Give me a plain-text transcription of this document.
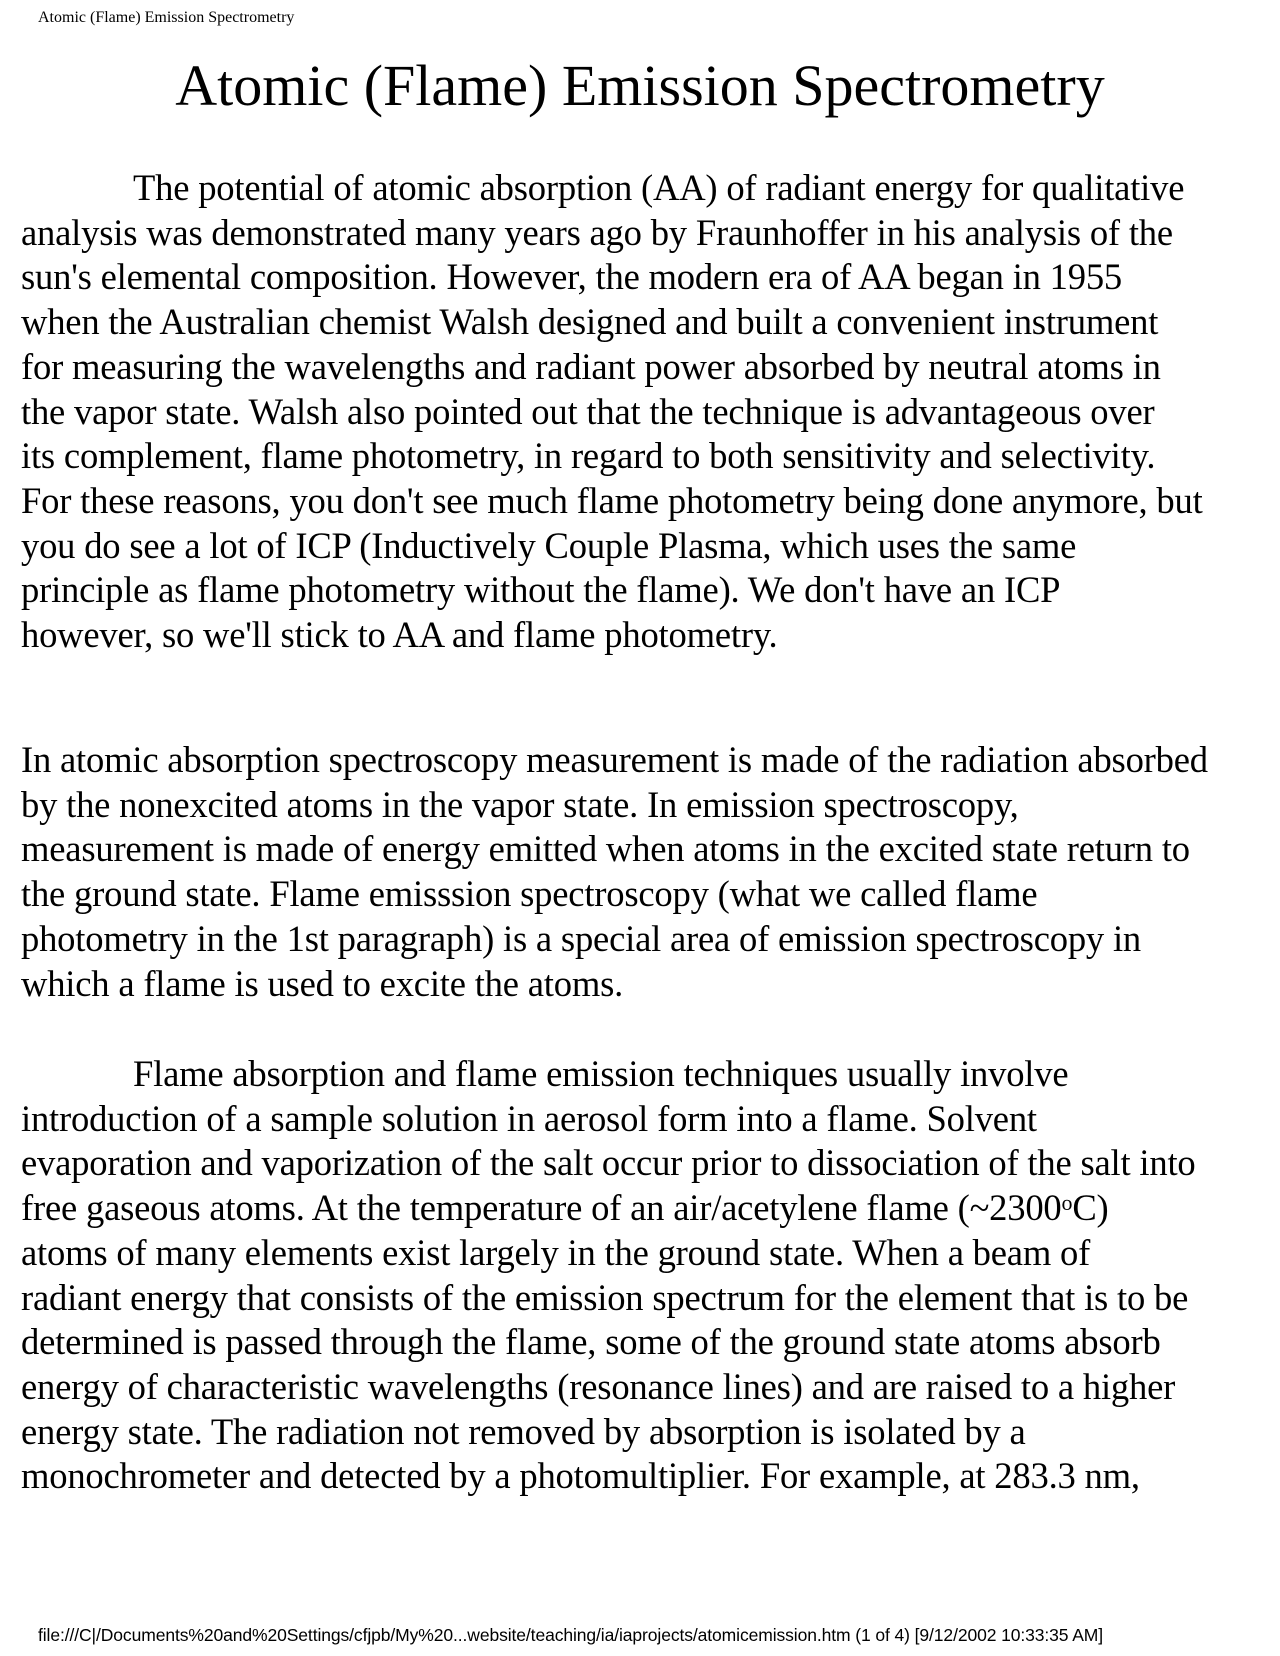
Atomic (Flame) Emission Spectrometry
Atomic (Flame) Emission Spectrometry

The potential of atomic absorption (AA) of radiant energy for qualitative
analysis was demonstrated many years ago by Fraunhoffer in his analysis of the
sun's elemental composition. However, the modern era of AA began in 1955
when the Australian chemist Walsh designed and built a convenient instrument
for measuring the wavelengths and radiant power absorbed by neutral atoms in
the vapor state. Walsh also pointed out that the technique is advantageous over
its complement, flame photometry, in regard to both sensitivity and selectivity.
For these reasons, you don't see much flame photometry being done anymore, but
you do see a lot of ICP (Inductively Couple Plasma, which uses the same
principle as flame photometry without the flame). We don't have an ICP
however, so we'll stick to AA and flame photometry.

In atomic absorption spectroscopy measurement is made of the radiation absorbed
by the nonexcited atoms in the vapor state. In emission spectroscopy,
measurement is made of energy emitted when atoms in the excited state return to
the ground state. Flame emisssion spectroscopy (what we called flame
photometry in the 1st paragraph) is a special area of emission spectroscopy in
which a flame is used to excite the atoms.

Flame absorption and flame emission techniques usually involve
introduction of a sample solution in aerosol form into a flame. Solvent
evaporation and vaporization of the salt occur prior to dissociation of the salt into
free gaseous atoms. At the temperature of an air/acetylene flame (~2300$^o$C)
atoms of many elements exist largely in the ground state. When a beam of
radiant energy that consists of the emission spectrum for the element that is to be
determined is passed through the flame, some of the ground state atoms absorb
energy of characteristic wavelengths (resonance lines) and are raised to a higher
energy state. The radiation not removed by absorption is isolated by a
monochrometer and detected by a photomultiplier. For example, at 283.3 nm,

file:///C|/Documents%20and%20Settings/cfjpb/My%20...website/teaching/ia/iaprojects/atomicemission.htm (1 of 4) [9/12/2002 10:33:35 AM]
